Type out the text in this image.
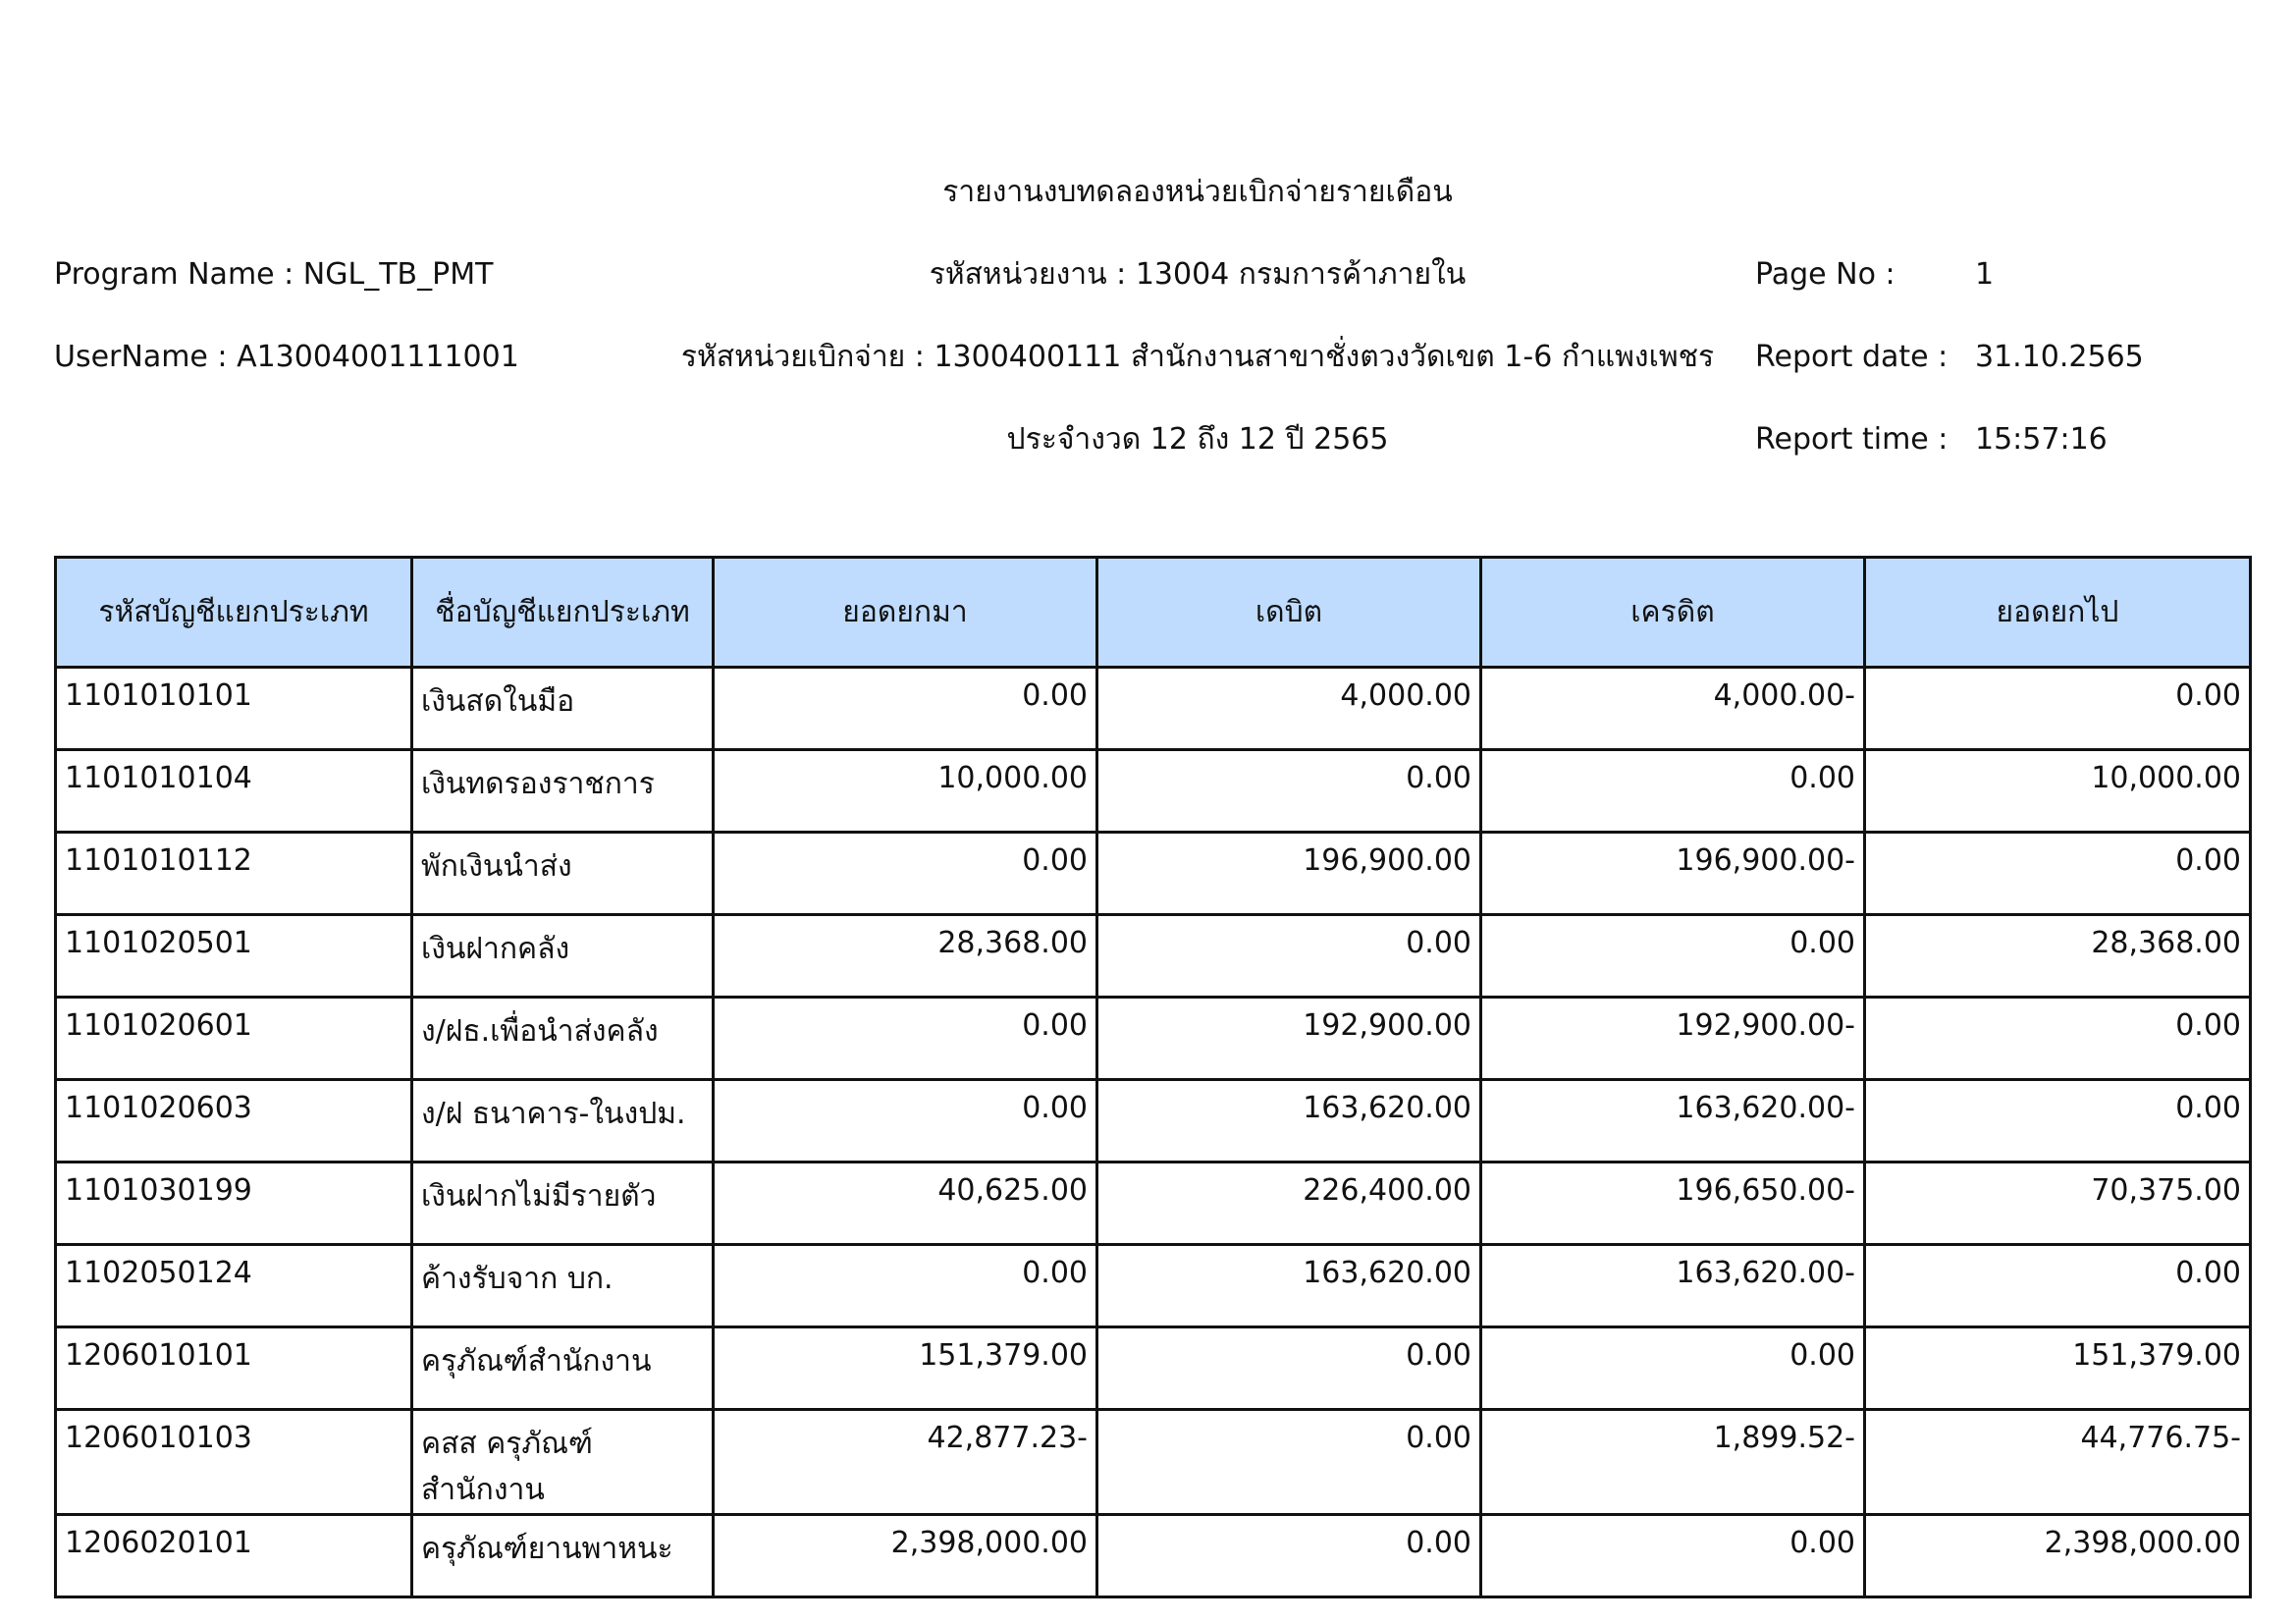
รายงานงบทดลองหน่วยเบิกจ่ายรายเดือน
Program Name : NGL_TB_PMT	รหัสหน่วยงาน : 13004 กรมการค้าภายใน	Page No :	1
UserName : A13004001111001	รหัสหน่วยเบิกจ่าย : 1300400111 สำนักงานสาขาชั่งตวงวัดเขต 1-6 กำแพงเพชร	Report date : 31.10.2565
ประจำงวด 12 ถึง 12 ปี 2565	Report time : 15:57:16
รหัสบัญชีแยกประเภท	ชื่อบัญชีแยกประเภท	ยอดยกมา	เดบิต	เครดิต	ยอดยกไป
1101010101	เงินสดในมือ	0.00	4,000.00	4,000.00-	0.00
1101010104	เงินทดรองราชการ	10,000.00	0.00	0.00	10,000.00
1101010112	พักเงินนำส่ง	0.00	196,900.00	196,900.00-	0.00
1101020501	เงินฝากคลัง	28,368.00	0.00	0.00	28,368.00
1101020601	ง/ฝธ.เพื่อนำส่งคลัง	0.00	192,900.00	192,900.00-	0.00
1101020603	ง/ฝ ธนาคาร-ในงปม.	0.00	163,620.00	163,620.00-	0.00
1101030199	เงินฝากไม่มีรายตัว	40,625.00	226,400.00	196,650.00-	70,375.00
1102050124	ค้างรับจาก บก.	0.00	163,620.00	163,620.00-	0.00
1206010101	ครุภัณฑ์สำนักงาน	151,379.00	0.00	0.00	151,379.00
1206010103	คสส ครุภัณฑ์สำนักงาน	42,877.23-	0.00	1,899.52-	44,776.75-
1206020101	ครุภัณฑ์ยานพาหนะ	2,398,000.00	0.00	0.00	2,398,000.00
